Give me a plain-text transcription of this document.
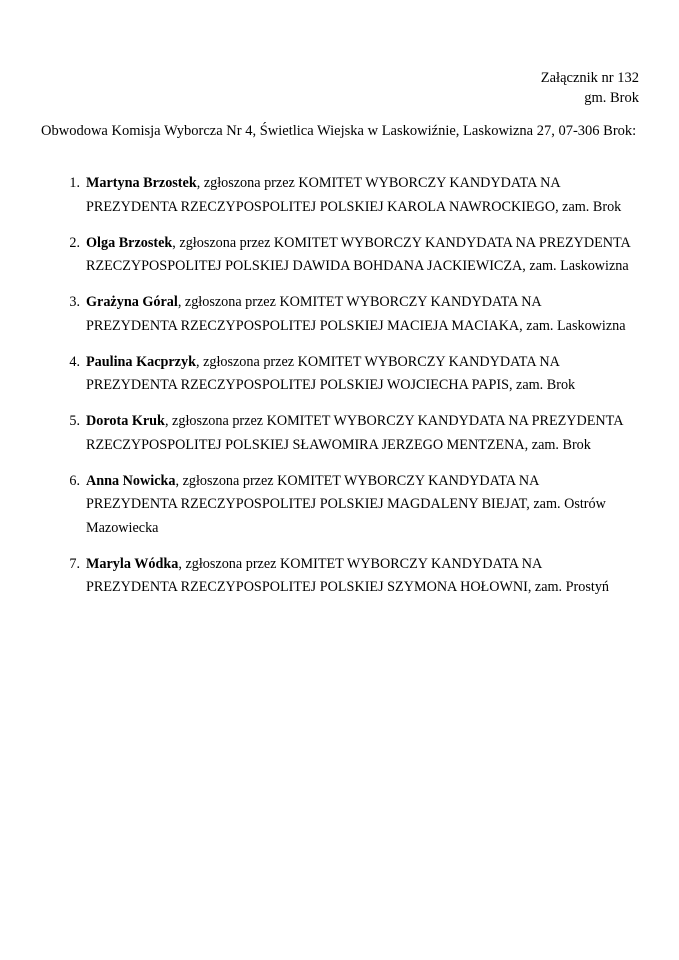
Załącznik nr 132
gm. Brok
Obwodowa Komisja Wyborcza Nr 4, Świetlica Wiejska w Laskowiźnie, Laskowizna 27, 07-306 Brok:
1. Martyna Brzostek, zgłoszona przez KOMITET WYBORCZY KANDYDATA NA PREZYDENTA RZECZYPOSPOLITEJ POLSKIEJ KAROLA NAWROCKIEGO, zam. Brok
2. Olga Brzostek, zgłoszona przez KOMITET WYBORCZY KANDYDATA NA PREZYDENTA RZECZYPOSPOLITEJ POLSKIEJ DAWIDA BOHDANA JACKIEWICZA, zam. Laskowizna
3. Grażyna Góral, zgłoszona przez KOMITET WYBORCZY KANDYDATA NA PREZYDENTA RZECZYPOSPOLITEJ POLSKIEJ MACIEJA MACIAKA, zam. Laskowizna
4. Paulina Kacprzyk, zgłoszona przez KOMITET WYBORCZY KANDYDATA NA PREZYDENTA RZECZYPOSPOLITEJ POLSKIEJ WOJCIECHA PAPIS, zam. Brok
5. Dorota Kruk, zgłoszona przez KOMITET WYBORCZY KANDYDATA NA PREZYDENTA RZECZYPOSPOLITEJ POLSKIEJ SŁAWOMIRA JERZEGO MENTZENA, zam. Brok
6. Anna Nowicka, zgłoszona przez KOMITET WYBORCZY KANDYDATA NA PREZYDENTA RZECZYPOSPOLITEJ POLSKIEJ MAGDALENY BIEJAT, zam. Ostrów Mazowiecka
7. Maryla Wódka, zgłoszona przez KOMITET WYBORCZY KANDYDATA NA PREZYDENTA RZECZYPOSPOLITEJ POLSKIEJ SZYMONA HOŁOWNI, zam. Prostyń
